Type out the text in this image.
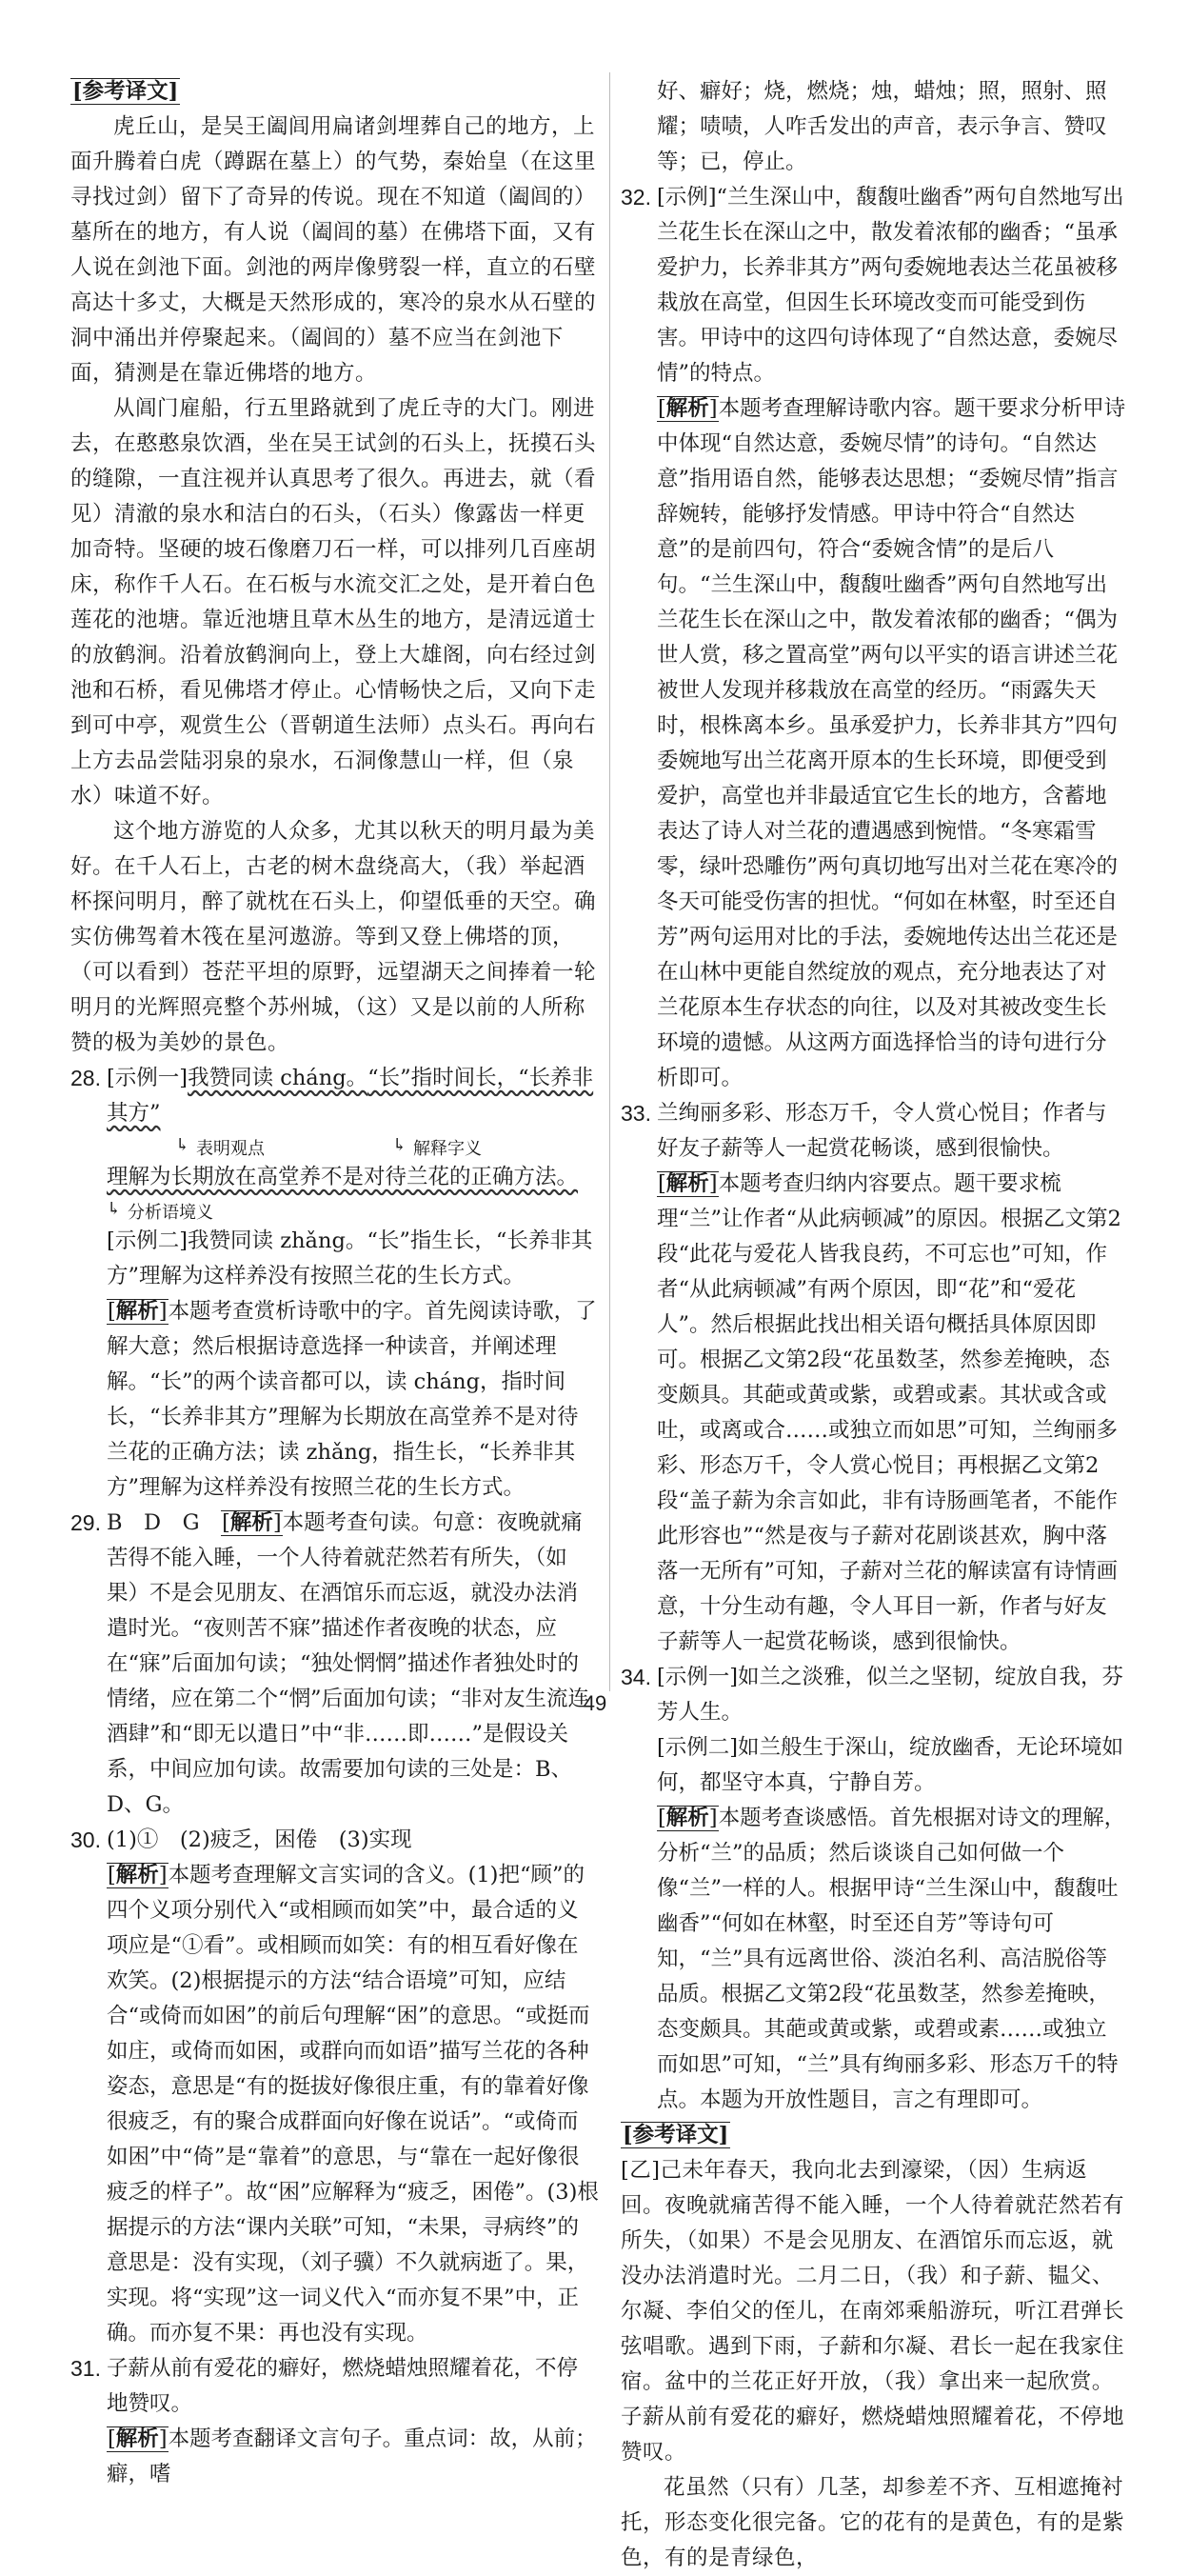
[参考译文]

虎丘山，是吴王阖闾用扁诸剑埋葬自己的地方，上面升腾着白虎（蹲踞在墓上）的气势，秦始皇（在这里寻找过剑）留下了奇异的传说。现在不知道（阖闾的）墓所在的地方，有人说（阖闾的墓）在佛塔下面，又有人说在剑池下面。剑池的两岸像劈裂一样，直立的石壁高达十多丈，大概是天然形成的，寒冷的泉水从石壁的洞中涌出并停聚起来。（阖闾的）墓不应当在剑池下面，猜测是在靠近佛塔的地方。

从阊门雇船，行五里路就到了虎丘寺的大门。刚进去，在憨憨泉饮酒，坐在吴王试剑的石头上，抚摸石头的缝隙，一直注视并认真思考了很久。再进去，就（看见）清澈的泉水和洁白的石头，（石头）像露齿一样更加奇特。坚硬的坡石像磨刀石一样，可以排列几百座胡床，称作千人石。在石板与水流交汇之处，是开着白色莲花的池塘。靠近池塘且草木丛生的地方，是清远道士的放鹤涧。沿着放鹤涧向上，登上大雄阁，向右经过剑池和石桥，看见佛塔才停止。心情畅快之后，又向下走到可中亭，观赏生公（晋朝道生法师）点头石。再向右上方去品尝陆羽泉的泉水，石洞像慧山一样，但（泉水）味道不好。

这个地方游览的人众多，尤其以秋天的明月最为美好。在千人石上，古老的树木盘绕高大，（我）举起酒杯探问明月，醉了就枕在石头上，仰望低垂的天空。确实仿佛驾着木筏在星河遨游。等到又登上佛塔的顶，（可以看到）苍茫平坦的原野，远望湖天之间捧着一轮明月的光辉照亮整个苏州城，（这）又是以前的人所称赞的极为美妙的景色。

28. [示例一]我赞同读 cháng。“长”指时间长，“长养非其方”

↳ 表明观点	↳ 解释字义

理解为长期放在高堂养不是对待兰花的正确方法。

↳ 分析语境义

[示例二]我赞同读 zhǎng。“长”指生长，“长养非其方”理解为这样养没有按照兰花的生长方式。

[解析]本题考查赏析诗歌中的字。首先阅读诗歌，了解大意；然后根据诗意选择一种读音，并阐述理解。“长”的两个读音都可以，读 cháng，指时间长，“长养非其方”理解为长期放在高堂养不是对待兰花的正确方法；读 zhǎng，指生长，“长养非其方”理解为这样养没有按照兰花的生长方式。

29. B　D　G　 [解析]本题考查句读。句意：夜晚就痛苦得不能入睡，一个人待着就茫然若有所失，（如果）不是会见朋友、在酒馆乐而忘返，就没办法消遣时光。“夜则苦不寐”描述作者夜晚的状态，应在“寐”后面加句读；“独处惘惘”描述作者独处时的情绪，应在第二个“惘”后面加句读；“非对友生流连酒肆”和“即无以遣日”中“非……即……”是假设关系，中间应加句读。故需要加句读的三处是：B、D、G。

30. (1)①　(2)疲乏，困倦　(3)实现

[解析]本题考查理解文言实词的含义。(1)把“顾”的四个义项分别代入“或相顾而如笑”中，最合适的义项应是“①看”。或相顾而如笑：有的相互看好像在欢笑。(2)根据提示的方法“结合语境”可知，应结合“或倚而如困”的前后句理解“困”的意思。“或挺而如庄，或倚而如困，或群向而如语”描写兰花的各种姿态，意思是“有的挺拔好像很庄重，有的靠着好像很疲乏，有的聚合成群面向好像在说话”。“或倚而如困”中“倚”是“靠着”的意思，与“靠在一起好像很疲乏的样子”。故“困”应解释为“疲乏，困倦”。(3)根据提示的方法“课内关联”可知，“未果，寻病终”的意思是：没有实现，（刘子骥）不久就病逝了。果，实现。将“实现”这一词义代入“而亦复不果”中，正确。而亦复不果：再也没有实现。

31. 子薪从前有爱花的癖好，燃烧蜡烛照耀着花，不停地赞叹。

[解析]本题考查翻译文言句子。重点词：故，从前；癖，嗜

好、癖好；烧，燃烧；烛，蜡烛；照，照射、照耀；啧啧，人咋舌发出的声音，表示争言、赞叹等；已，停止。

32. [示例]“兰生深山中，馥馥吐幽香”两句自然地写出兰花生长在深山之中，散发着浓郁的幽香；“虽承爱护力，长养非其方”两句委婉地表达兰花虽被移栽放在高堂，但因生长环境改变而可能受到伤害。甲诗中的这四句诗体现了“自然达意，委婉尽情”的特点。

[解析]本题考查理解诗歌内容。题干要求分析甲诗中体现“自然达意，委婉尽情”的诗句。“自然达意”指用语自然，能够表达思想；“委婉尽情”指言辞婉转，能够抒发情感。甲诗中符合“自然达意”的是前四句，符合“委婉含情”的是后八句。“兰生深山中，馥馥吐幽香”两句自然地写出兰花生长在深山之中，散发着浓郁的幽香；“偶为世人赏，移之置高堂”两句以平实的语言讲述兰花被世人发现并移栽放在高堂的经历。“雨露失天时，根株离本乡。虽承爱护力，长养非其方”四句委婉地写出兰花离开原本的生长环境，即便受到爱护，高堂也并非最适宜它生长的地方，含蓄地表达了诗人对兰花的遭遇感到惋惜。“冬寒霜雪零，绿叶恐雕伤”两句真切地写出对兰花在寒冷的冬天可能受伤害的担忧。“何如在林壑，时至还自芳”两句运用对比的手法，委婉地传达出兰花还是在山林中更能自然绽放的观点，充分地表达了对兰花原本生存状态的向往，以及对其被改变生长环境的遗憾。从这两方面选择恰当的诗句进行分析即可。

33. 兰绚丽多彩、形态万千，令人赏心悦目；作者与好友子薪等人一起赏花畅谈，感到很愉快。

[解析]本题考查归纳内容要点。题干要求梳理“兰”让作者“从此病顿减”的原因。根据乙文第2段“此花与爱花人皆我良药，不可忘也”可知，作者“从此病顿减”有两个原因，即“花”和“爱花人”。然后根据此找出相关语句概括具体原因即可。根据乙文第2段“花虽数茎，然参差掩映，态变颇具。其葩或黄或紫，或碧或素。其状或含或吐，或离或合……或独立而如思”可知，兰绚丽多彩、形态万千，令人赏心悦目；再根据乙文第2段“盖子薪为余言如此，非有诗肠画笔者，不能作此形容也”“然是夜与子薪对花剧谈甚欢，胸中落落一无所有”可知，子薪对兰花的解读富有诗情画意，十分生动有趣，令人耳目一新，作者与好友子薪等人一起赏花畅谈，感到很愉快。

34. [示例一]如兰之淡雅，似兰之坚韧，绽放自我，芬芳人生。

[示例二]如兰般生于深山，绽放幽香，无论环境如何，都坚守本真，宁静自芳。

[解析]本题考查谈感悟。首先根据对诗文的理解，分析“兰”的品质；然后谈谈自己如何做一个像“兰”一样的人。根据甲诗“兰生深山中，馥馥吐幽香”“何如在林壑，时至还自芳”等诗句可知，“兰”具有远离世俗、淡泊名利、高洁脱俗等品质。根据乙文第2段“花虽数茎，然参差掩映，态变颇具。其葩或黄或紫，或碧或素……或独立而如思”可知，“兰”具有绚丽多彩、形态万千的特点。本题为开放性题目，言之有理即可。

[参考译文]

[乙]己未年春天，我向北去到濠梁，（因）生病返回。夜晚就痛苦得不能入睡，一个人待着就茫然若有所失，（如果）不是会见朋友、在酒馆乐而忘返，就没办法消遣时光。二月二日，（我）和子薪、韫父、尔凝、李伯父的侄儿，在南郊乘船游玩，听江君弹长弦唱歌。遇到下雨，子薪和尔凝、君长一起在我家住宿。盆中的兰花正好开放，（我）拿出来一起欣赏。子薪从前有爱花的癖好，燃烧蜡烛照耀着花，不停地赞叹。

花虽然（只有）几茎，却参差不齐、互相遮掩衬托，形态变化很完备。它的花有的是黄色，有的是紫色，有的是青绿色，

49
